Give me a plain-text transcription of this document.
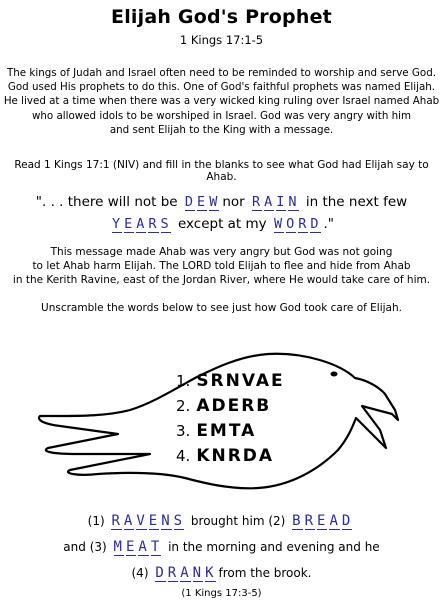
Elijah God's Prophet
1 Kings 17:1-5
The kings of Judah and Israel often need to be reminded to worship and serve God.
God used His prophets to do this. One of God's faithful prophets was named Elijah.
He lived at a time when there was a very wicked king ruling over Israel named Ahab
who allowed idols to be worshiped in Israel. God was very angry with him
and sent Elijah to the King with a message.
Read 1 Kings 17:1 (NIV) and fill in the blanks to see what God had Elijah say to Ahab.
". . . there will not be D E W nor R A I N in the next few
Y E A R S except at my W O R D ."
This message made Ahab was very angry but God was not going
to let Ahab harm Elijah. The LORD told Elijah to flee and hide from Ahab
in the Kerith Ravine, east of the Jordan River, where He would take care of him.
Unscramble the words below to see just how God took care of Elijah.
1. SRNVAE
2. ADERB
3. EMTA
4. KNRDA
(1) R A V E N S brought him (2) B R E A D
and (3) M E A T in the morning and evening and he
(4) D R A N K from the brook.
(1 Kings 17:3-5)
